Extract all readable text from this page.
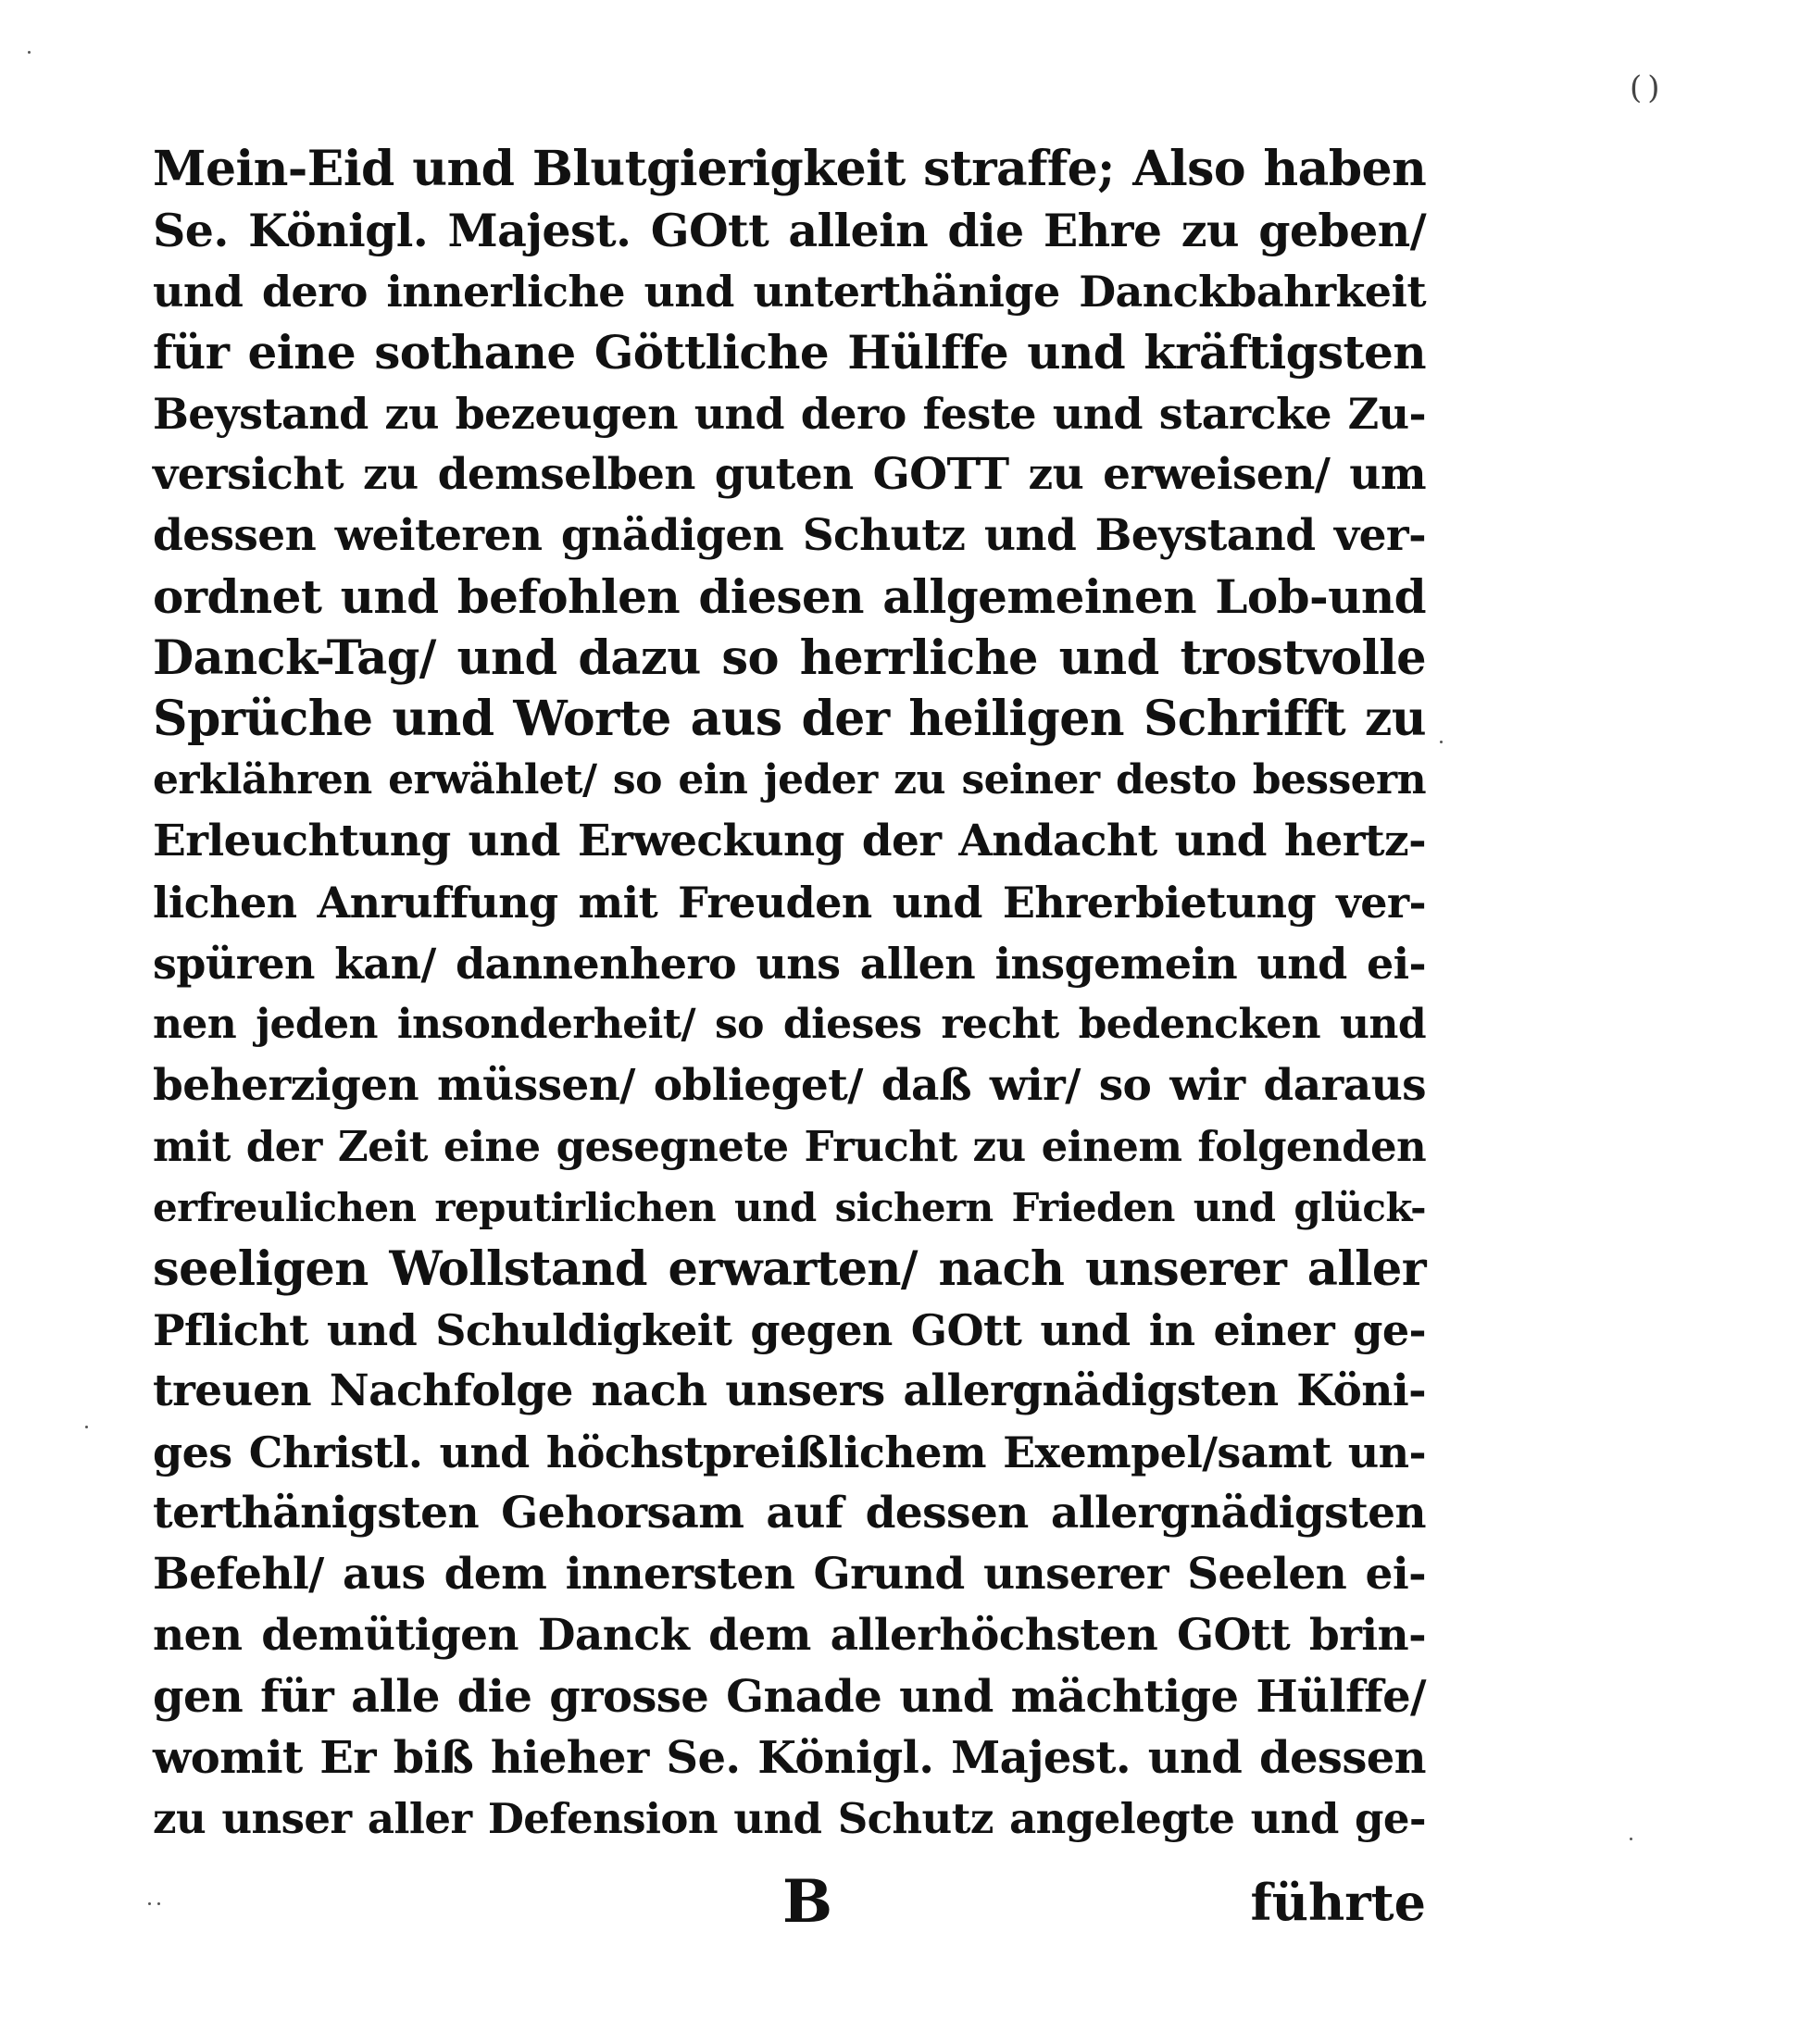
()
Mein-Eid und Blutgierigkeit straffe; Also haben
Se. Königl. Majest. GOtt allein die Ehre zu geben/
und dero innerliche und unterthänige Danckbahrkeit
für eine sothane Göttliche Hülffe und kräftigsten
Beystand zu bezeugen und dero feste und starcke Zu-
versicht zu demselben guten GOTT zu erweisen/ um
dessen weiteren gnädigen Schutz und Beystand ver-
ordnet und befohlen diesen allgemeinen Lob-und
Danck-Tag/ und dazu so herrliche und trostvolle
Sprüche und Worte aus der heiligen Schrifft zu
erklähren erwählet/ so ein jeder zu seiner desto bessern
Erleuchtung und Erweckung der Andacht und hertz-
lichen Anruffung mit Freuden und Ehrerbietung ver-
spüren kan/ dannenhero uns allen insgemein und ei-
nen jeden insonderheit/ so dieses recht bedencken und
beherzigen müssen/ oblieget/ daß wir/ so wir daraus
mit der Zeit eine gesegnete Frucht zu einem folgenden
erfreulichen reputirlichen und sichern Frieden und glück-
seeligen Wollstand erwarten/ nach unserer aller
Pflicht und Schuldigkeit gegen GOtt und in einer ge-
treuen Nachfolge nach unsers allergnädigsten Köni-
ges Christl. und höchstpreißlichem Exempel/samt un-
terthänigsten Gehorsam auf dessen allergnädigsten
Befehl/ aus dem innersten Grund unserer Seelen ei-
nen demütigen Danck dem allerhöchsten GOtt brin-
gen für alle die grosse Gnade und mächtige Hülffe/
womit Er biß hieher Se. Königl. Majest. und dessen
zu unser aller Defension und Schutz angelegte und ge-
B	führte
